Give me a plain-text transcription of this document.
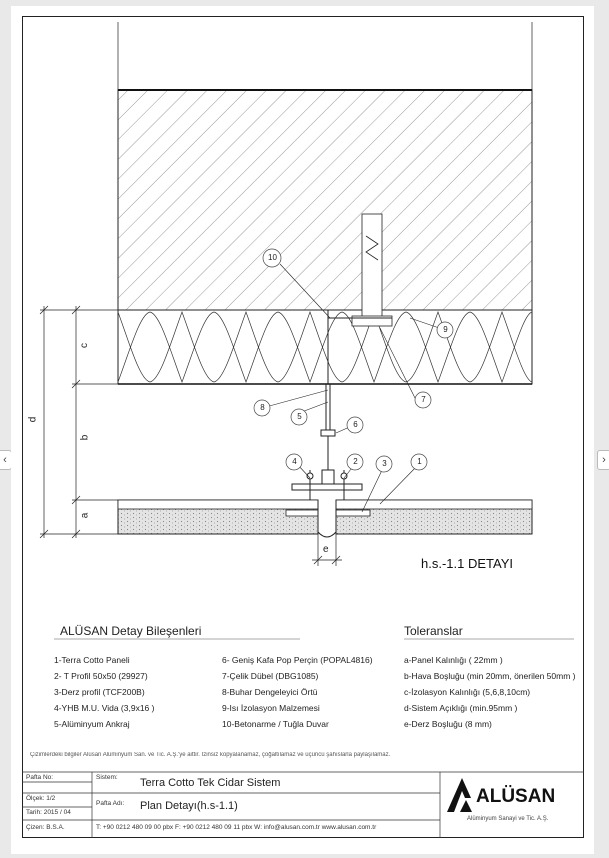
‹	›
10
9
8
7
6
5
4	2	3	1
c
b
a
d
e
h.s.-1.1 DETAYI
ALÜSAN Detay Bileşenleri	Toleranslar
1-Terra Cotto Paneli
2- T Profil 50x50 (29927)
3-Derz profil (TCF200B)
4-YHB M.U. Vida (3,9x16 )
5-Alüminyum Ankraj
6- Geniş Kafa Pop Perçin (POPAL4816)
7-Çelik Dübel (DBG1085)
8-Buhar Dengeleyici Örtü
9-Isı İzolasyon Malzemesi
10-Betonarme / Tuğla Duvar
a-Panel Kalınlığı ( 22mm )
b-Hava Boşluğu (min 20mm, önerilen 50mm )
c-İzolasyon Kalınlığı (5,6,8,10cm)
d-Sistem Açıklığı (min.95mm )
e-Derz Boşluğu (8 mm)
Çizimlerdeki bilgiler Alüsan Alüminyum San. ve Tic. A.Ş.'ye aittir. İzinsiz kopyalanamaz, çoğaltılamaz ve üçüncü şahıslarla paylaşılamaz.
Pafta No:	Sistem: Terra Cotto Tek Cidar Sistem
Ölçek: 1/2
Pafta Adı: Plan Detayı(h.s-1.1)
Tarih: 2015 / 04
Çizen: B.S.A.	T: +90 0212 480 09 00 pbx F: +90 0212 480 09 11 pbx W: info@alusan.com.tr www.alusan.com.tr
ALÜSAN
Alüminyum Sanayi ve Tic. A.Ş.
